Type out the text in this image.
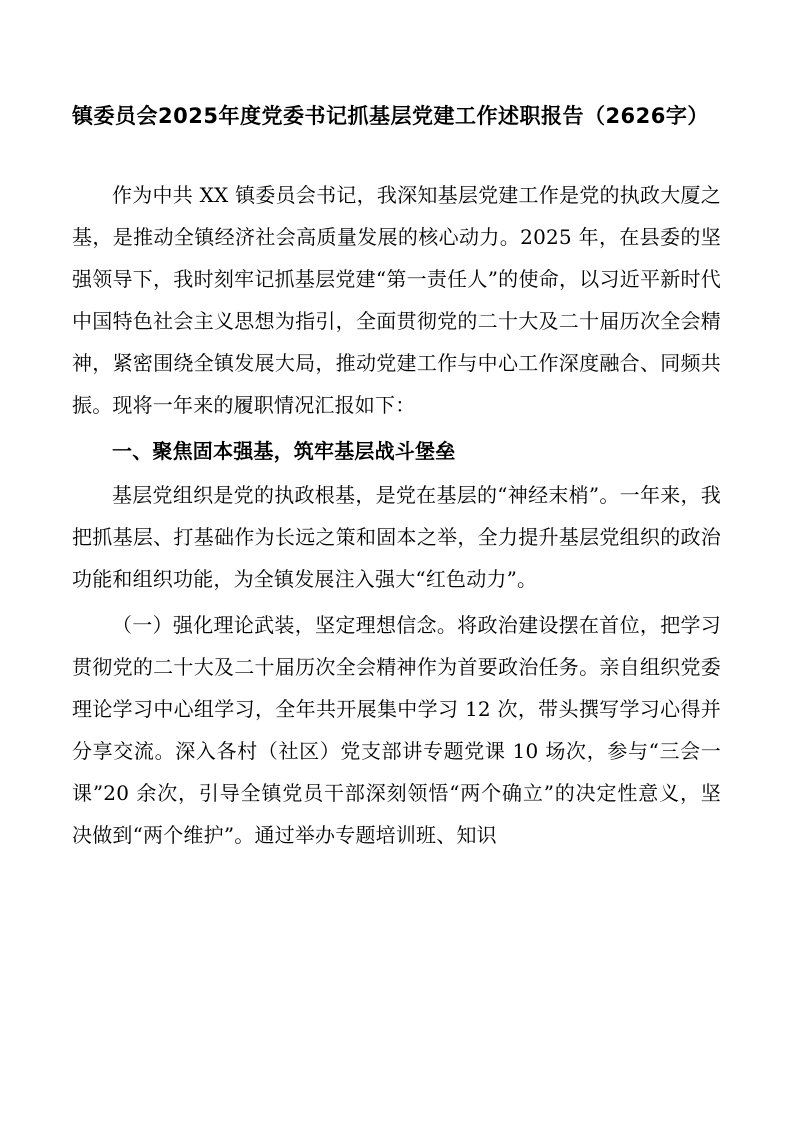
镇委员会2025年度党委书记抓基层党建工作述职报告（2626字）

作为中共 XX 镇委员会书记，我深知基层党建工作是党的执政大厦之基，是推动全镇经济社会高质量发展的核心动力。2025 年，在县委的坚强领导下，我时刻牢记抓基层党建“第一责任人”的使命，以习近平新时代中国特色社会主义思想为指引，全面贯彻党的二十大及二十届历次全会精神，紧密围绕全镇发展大局，推动党建工作与中心工作深度融合、同频共振。现将一年来的履职情况汇报如下：

一、聚焦固本强基，筑牢基层战斗堡垒

基层党组织是党的执政根基，是党在基层的“神经末梢”。一年来，我把抓基层、打基础作为长远之策和固本之举，全力提升基层党组织的政治功能和组织功能，为全镇发展注入强大“红色动力”。

（一）强化理论武装，坚定理想信念。将政治建设摆在首位，把学习贯彻党的二十大及二十届历次全会精神作为首要政治任务。亲自组织党委理论学习中心组学习，全年共开展集中学习 12 次，带头撰写学习心得并分享交流。深入各村（社区）党支部讲专题党课 10 场次，参与“三会一课”20 余次，引导全镇党员干部深刻领悟“两个确立”的决定性意义，坚决做到“两个维护”。通过举办专题培训班、知识
